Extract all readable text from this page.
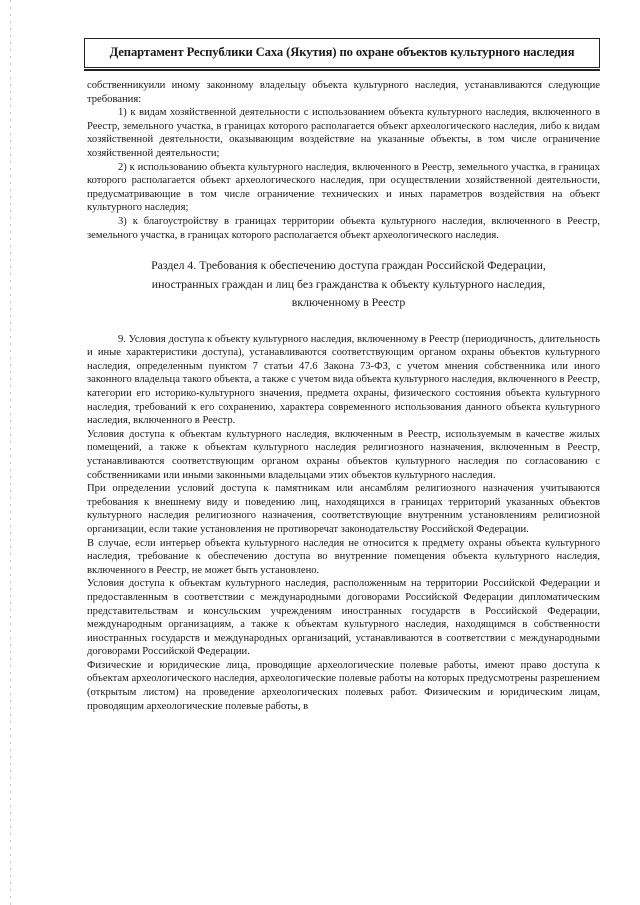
Департамент Республики Саха (Якутия) по охране объектов культурного наследия

собственникуили иному законному владельцу объекта культурного наследия, устанавливаются следующие требования:

1) к видам хозяйственной деятельности с использованием объекта культурного наследия, включенного в Реестр, земельного участка, в границах которого располагается объект археологического наследия, либо к видам хозяйственной деятельности, оказывающим воздействие на указанные объекты, в том числе ограничение хозяйственной деятельности;

2) к использованию объекта культурного наследия, включенного в Реестр, земельного участка, в границах которого располагается объект археологического наследия, при осуществлении хозяйственной деятельности, предусматривающие в том числе ограничение технических и иных параметров воздействия на объект культурного наследия;

3) к благоустройству в границах территории объекта культурного наследия, включенного в Реестр, земельного участка, в границах которого располагается объект археологического наследия.

Раздел 4. Требования к обеспечению доступа граждан Российской Федерации, иностранных граждан и лиц без гражданства к объекту культурного наследия, включенному в Реестр

9. Условия доступа к объекту культурного наследия, включенному в Реестр (периодичность, длительность и иные характеристики доступа), устанавливаются соответствующим органом охраны объектов культурного наследия, определенным пунктом 7 статьи 47.6 Закона 73-ФЗ, с учетом мнения собственника или иного законного владельца такого объекта, а также с учетом вида объекта культурного наследия, включенного в Реестр, категории его историко-культурного значения, предмета охраны, физического состояния объекта культурного наследия, требований к его сохранению, характера современного использования данного объекта культурного наследия, включенного в Реестр.

Условия доступа к объектам культурного наследия, включенным в Реестр, используемым в качестве жилых помещений, а также к объектам культурного наследия религиозного назначения, включенным в Реестр, устанавливаются соответствующим органом охраны объектов культурного наследия по согласованию с собственниками или иными законными владельцами этих объектов культурного наследия.

При определении условий доступа к памятникам или ансамблям религиозного назначения учитываются требования к внешнему виду и поведению лиц, находящихся в границах территорий указанных объектов культурного наследия религиозного назначения, соответствующие внутренним установлениям религиозной организации, если такие установления не противоречат законодательству Российской Федерации.

В случае, если интерьер объекта культурного наследия не относится к предмету охраны объекта культурного наследия, требование к обеспечению доступа во внутренние помещения объекта культурного наследия, включенного в Реестр, не может быть установлено.

Условия доступа к объектам культурного наследия, расположенным на территории Российской Федерации и предоставленным в соответствии с международными договорами Российской Федерации дипломатическим представительствам и консульским учреждениям иностранных государств в Российской Федерации, международным организациям, а также к объектам культурного наследия, находящимся в собственности иностранных государств и международных организаций, устанавливаются в соответствии с международными договорами Российской Федерации.

Физические и юридические лица, проводящие археологические полевые работы, имеют право доступа к объектам археологического наследия, археологические полевые работы на которых предусмотрены разрешением (открытым листом) на проведение археологических полевых работ. Физическим и юридическим лицам, проводящим археологические полевые работы, в
